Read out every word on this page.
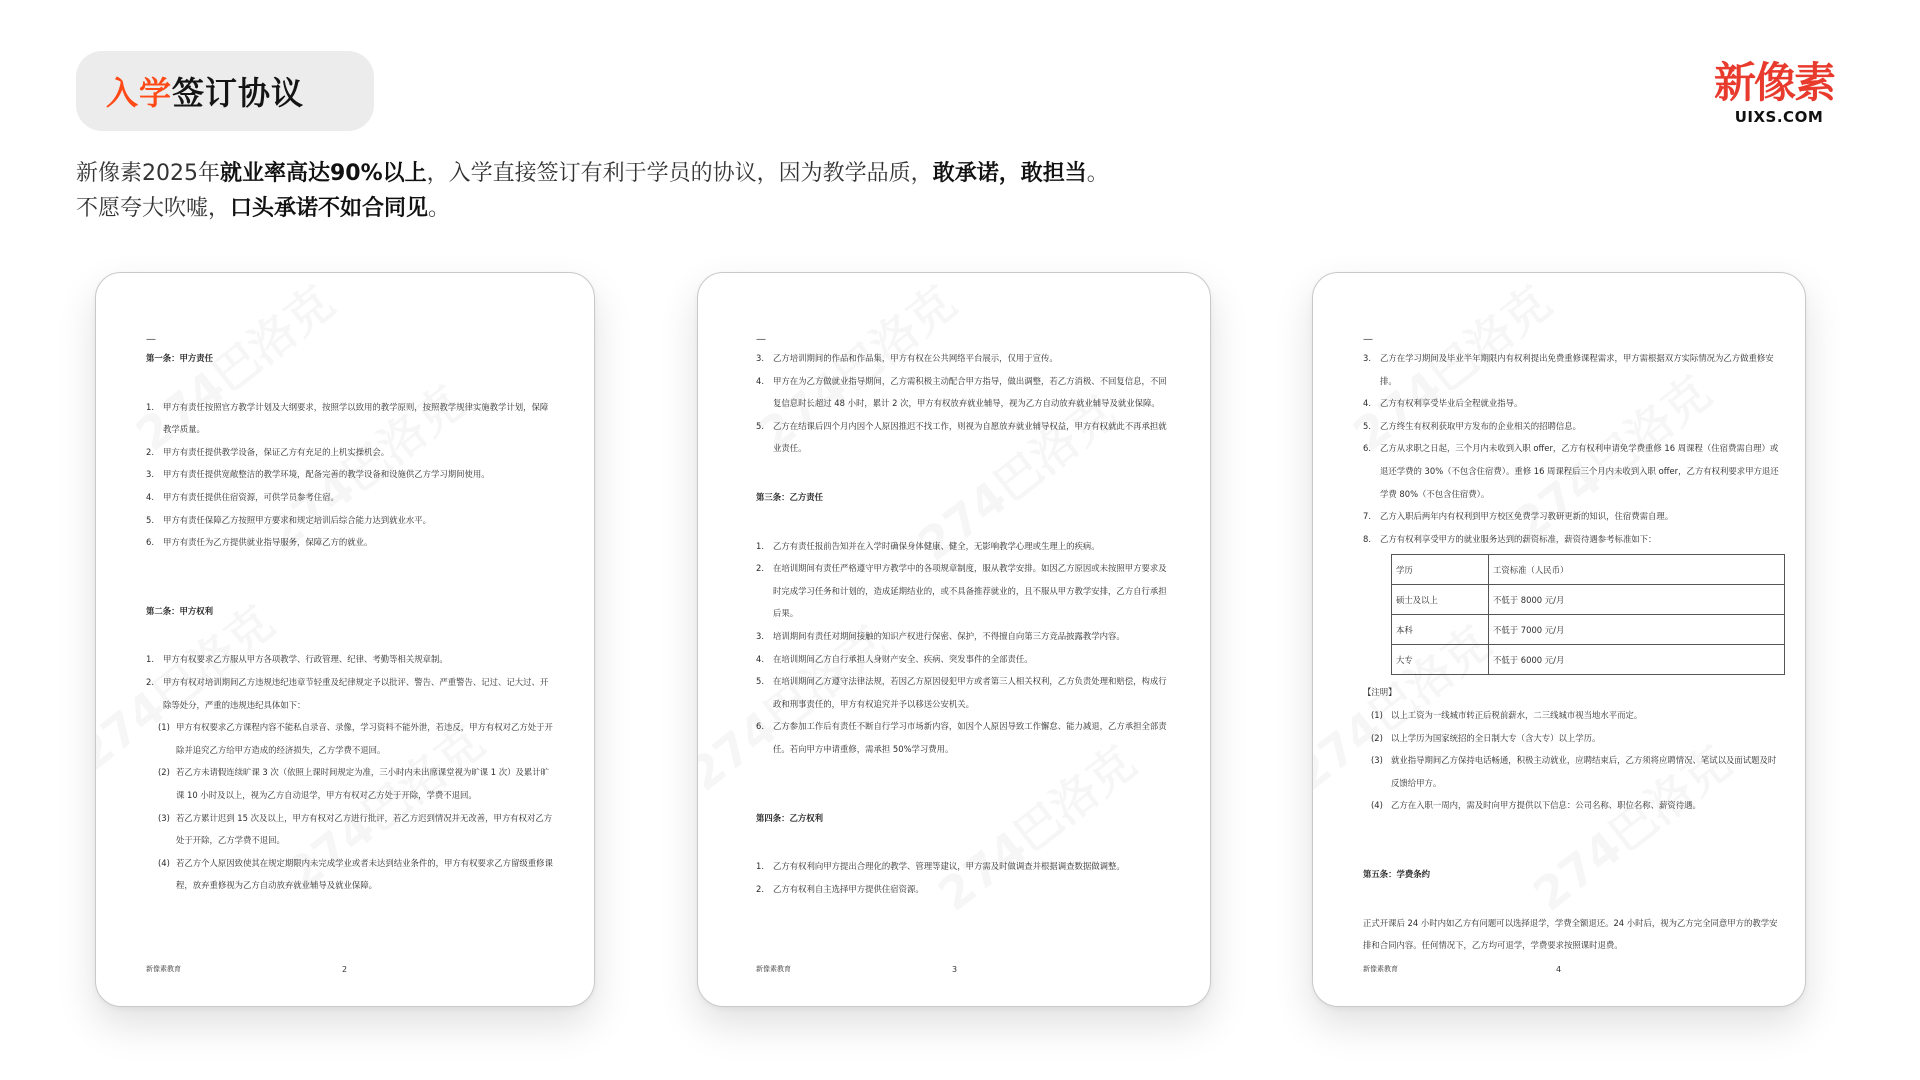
入学 签订协议	新像素
UIXS.COM
新像素2025年就业率高达90%以上，入学直接签订有利于学员的协议，因为教学品质，敢承诺，敢担当。
不愿夸大吹嘘，口头承诺不如合同见。
—
第一条：甲方责任
1. 甲方有责任按照官方教学计划及大纲要求，按照学以致用的教学原则，按照教学规律实施教学计划，保障教学质量。
2. 甲方有责任提供教学设备，保证乙方有充足的上机实操机会。
3. 甲方有责任提供宽敞整洁的教学环境，配备完善的教学设备和设施供乙方学习期间使用。
4. 甲方有责任提供住宿资源，可供学员参考住宿。
5. 甲方有责任保障乙方按照甲方要求和规定培训后综合能力达到就业水平。
6. 甲方有责任为乙方提供就业指导服务，保障乙方的就业。
第二条：甲方权利
1. 甲方有权要求乙方服从甲方各项教学、行政管理、纪律、考勤等相关规章制。
2. 甲方有权对培训期间乙方违规违纪违章节轻重及纪律规定予以批评、警告、严重警告、记过、记大过、开除等处分，严重的违规违纪具体如下：
(1) 甲方有权要求乙方课程内容不能私自录音、录像，学习资料不能外泄，若违反，甲方有权对乙方处于开除并追究乙方给甲方造成的经济损失，乙方学费不退回。
(2) 若乙方未请假连续旷课 3 次（依照上课时间规定为准，三小时内未出席课堂视为旷课 1 次）及累计旷课 10 小时及以上，视为乙方自动退学，甲方有权对乙方处于开除，学费不退回。
(3) 若乙方累计迟到 15 次及以上，甲方有权对乙方进行批评，若乙方迟到情况并无改善，甲方有权对乙方处于开除，乙方学费不退回。
(4) 若乙方个人原因致使其在规定期限内未完成学业或者未达到结业条件的，甲方有权要求乙方留级重修课程，放弃重修视为乙方自动放弃就业辅导及就业保障。
新像素教育	2
—
3. 乙方培训期间的作品和作品集，甲方有权在公共网络平台展示，仅用于宣传。
4. 甲方在为乙方做就业指导期间，乙方需积极主动配合甲方指导，做出调整，若乙方消极、不回复信息，不回复信息时长超过 48 小时，累计 2 次，甲方有权放弃就业辅导，视为乙方自动放弃就业辅导及就业保障。
5. 乙方在结课后四个月内因个人原因推迟不找工作，则视为自愿放弃就业辅导权益，甲方有权就此不再承担就业责任。
第三条：乙方责任
1. 乙方有责任报前告知并在入学时确保身体健康、健全，无影响教学心理或生理上的疾病。
2. 在培训期间有责任严格遵守甲方教学中的各项规章制度，服从教学安排。如因乙方原因或未按照甲方要求及时完成学习任务和计划的，造成延期结业的，或不具备推荐就业的，且不服从甲方教学安排，乙方自行承担后果。
3. 培训期间有责任对期间接触的知识产权进行保密、保护，不得擅自向第三方竞品披露教学内容。
4. 在培训期间乙方自行承担人身财产安全、疾病、突发事件的全部责任。
5. 在培训期间乙方遵守法律法规，若因乙方原因侵犯甲方或者第三人相关权利，乙方负责处理和赔偿，构成行政和刑事责任的，甲方有权追究并予以移送公安机关。
6. 乙方参加工作后有责任不断自行学习市场新内容，如因个人原因导致工作懈怠、能力减退，乙方承担全部责任。若向甲方申请重修，需承担 50%学习费用。
第四条：乙方权利
1. 乙方有权利向甲方提出合理化的教学、管理等建议，甲方需及时做调查并根据调查数据做调整。
2. 乙方有权利自主选择甲方提供住宿资源。
新像素教育	3
—
3. 乙方在学习期间及毕业半年期限内有权利提出免费重修课程需求，甲方需根据双方实际情况为乙方做重修安排。
4. 乙方有权利享受毕业后全程就业指导。
5. 乙方终生有权利获取甲方发布的企业相关的招聘信息。
6. 乙方从求职之日起，三个月内未收到入职 offer，乙方有权利申请免学费重修 16 周课程（住宿费需自理）或退还学费的 30%（不包含住宿费）。重修 16 周课程后三个月内未收到入职 offer，乙方有权利要求甲方退还学费 80%（不包含住宿费）。
7. 乙方入职后两年内有权利到甲方校区免费学习教研更新的知识，住宿费需自理。
8. 乙方有权利享受甲方的就业服务达到的薪资标准，薪资待遇参考标准如下：
学历	工资标准（人民币）
硕士及以上	不低于 8000 元/月
本科	不低于 7000 元/月
大专	不低于 6000 元/月
【注明】
(1) 以上工资为一线城市转正后税前薪水，二三线城市视当地水平而定。
(2) 以上学历为国家统招的全日制大专（含大专）以上学历。
(3) 就业指导期间乙方保持电话畅通，积极主动就业，应聘结束后，乙方须将应聘情况、笔试以及面试题及时反馈给甲方。
(4) 乙方在入职一周内，需及时向甲方提供以下信息：公司名称、职位名称、薪资待遇。
第五条：学费条约
正式开课后 24 小时内如乙方有问题可以选择退学，学费全额退还。24 小时后，视为乙方完全同意甲方的教学安排和合同内容。任何情况下，乙方均可退学，学费要求按照课时退费。
新像素教育	4
